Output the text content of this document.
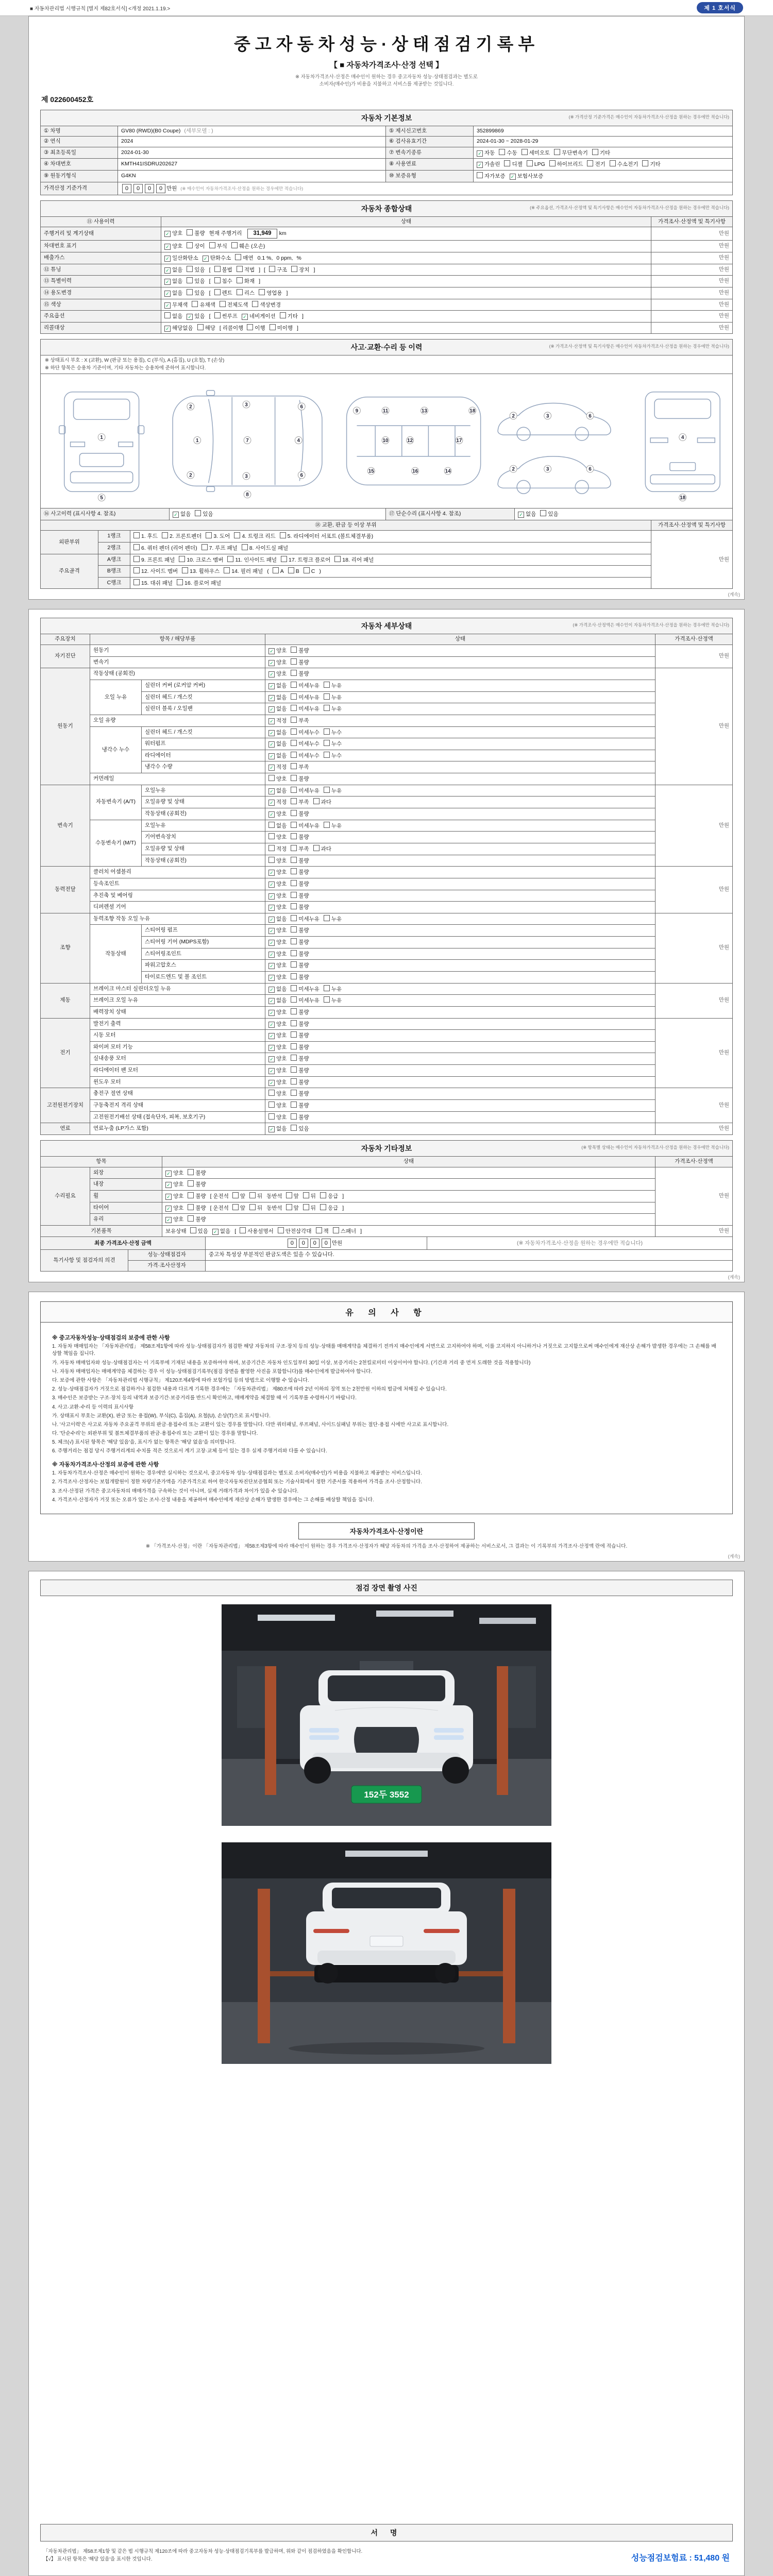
■ 자동차관리법 시행규칙 [별지 제82호서식] <개정 2021.1.19.>	제 1 호서식
중고자동차성능·상태점검기록부
【 ■ 자동차가격조사·산정 선택 】
※ 자동차가격조사·산정은 매수인이 원하는 경우 중고자동차 성능·상태점검과는 별도로
소비자(매수인)가 비용을 지불하고 서비스를 제공받는 것입니다.
제 022600452호
자동차 기본정보	(※ 가격산정 기준가격은 매수인이 자동차가격조사·산정을 원하는 경우에만 적습니다)
① 차명	GV80 (RWD)(B0 Coupe) (세부모델 : )	⑤ 제시신고번호	352899869
② 연식	2024	⑥ 검사유효기간	2024-01-30 ~ 2028-01-29
③ 최초등록일	2024-01-30	⑦ 변속기종류	✓ 자동 수동 세미오토 무단변속기 기타
④ 차대번호	KMTH41ISDRU202627	⑧ 사용연료	✓ 가솔린 디젤 LPG 하이브리드 전기 수소전기 기타
⑨ 원동기형식	G4KN	⑩ 보증유형	자가보증 ✓ 보험사보증
가격산정 기준가격	0 0 0 0 만원 (※ 매수인이 자동차가격조사·산정을 원하는 경우에만 적습니다)		
자동차 종합상태	(※ 주요옵션, 가격조사·산정액 및 특기사항은 매수인이 자동차가격조사·산정을 원하는 경우에만 적습니다)
⑪ 사용이력	상태	가격조사·산정액 및 특기사항
주행거리 및 계기상태	✓ 양호 불량 현재 주행거리 31,949 km	만원
차대번호 표기	✓ 양호 상이 부식 훼손 (오손)	만원
배출가스	✓ 일산화탄소 ✓ 탄화수소 매연 0.1 %, 0 ppm, %	만원
⑫ 튜닝	✓ 없음 있음 [ 불법 적법 ] [ 구조 장치 ]	만원
⑬ 특별이력	✓ 없음 있음 [ 침수 화재 ]	만원
⑭ 용도변경	✓ 없음 있음 [ 렌트 리스 영업용 ]	만원
⑮ 색상	✓ 무채색 유채색 전체도색 색상변경	만원
주요옵션	없음 ✓ 있음 [ 썬루프 ✓ 네비게이션 기타 ]	만원
리콜대상	✓ 해당없음 해당 [ 리콜이행 이행 미이행 ]	만원
사고·교환·수리 등 이력	(※ 가격조사·산정액 및 특기사항은 매수인이 자동차가격조사·산정을 원하는 경우에만 적습니다)
※ 상태표시 부호 : X (교환), W (판금 또는 용접), C (부식), A (흠집), U (요철), T (손상)
※ 하단 항목은 승용차 기준이며, 기타 자동차는 승용차에 준하여 표시합니다.
1
5
2	3	6
1	7	4
2	3	6
8
9	11	13	18
10	12	17
15	16	14
2	3	6
2	3	6
4
18
⑯ 사고이력 (표시사항 4. 참조)	✓ 없음 있음	⑰ 단순수리 (표시사항 4. 참조)	✓ 없음 있음
⑱ 교환, 판금 등 이상 부위			가격조사·산정액 및 특기사항
외판부위	1랭크	1. 후드 2. 프론트펜더 3. 도어 4. 트렁크 리드 5. 라디에이터 서포트 (볼트체결부품)	만원
	2랭크	6. 쿼터 펜더 (리어 펜더) 7. 루프 패널 8. 사이드실 패널	
주요골격	A랭크	9. 프론트 패널 10. 크로스 멤버 11. 인사이드 패널 17. 트렁크 플로어 18. 리어 패널	
	B랭크	12. 사이드 멤버 13. 휠하우스 14. 필러 패널 ( A B C )	
	C랭크	15. 대쉬 패널 16. 플로어 패널	
(계속)
자동차 세부상태	(※ 가격조사·산정액은 매수인이 자동차가격조사·산정을 원하는 경우에만 적습니다)
주요장치	항목 / 해당부품		상태	가격조사·산정액
자기진단	원동기		✓ 양호 불량	만원
	변속기		✓ 양호 불량	
원동기	작동상태 (공회전)		✓ 양호 불량	만원
	오일 누유	실린더 커버 (로커암 커버)	✓ 없음 미세누유 누유	
		실린더 헤드 / 개스킷	✓ 없음 미세누유 누유	
		실린더 블록 / 오일팬	✓ 없음 미세누유 누유	
	오일 유량		✓ 적정 부족	
	냉각수 누수	실린더 헤드 / 개스킷	✓ 없음 미세누수 누수	
		워터펌프	✓ 없음 미세누수 누수	
		라디에이터	✓ 없음 미세누수 누수	
		냉각수 수량	✓ 적정 부족	
	커먼레일		양호 불량	
변속기	자동변속기 (A/T)	오일누유	✓ 없음 미세누유 누유	만원
		오일유량 및 상태	✓ 적정 부족 과다	
		작동상태 (공회전)	✓ 양호 불량	
	수동변속기 (M/T)	오일누유	없음 미세누유 누유	
		기어변속장치	양호 불량	
		오일유량 및 상태	적정 부족 과다	
		작동상태 (공회전)	양호 불량	
동력전달	클러치 어셈블리		✓ 양호 불량	만원
	등속조인트		✓ 양호 불량	
	추진축 및 베어링		✓ 양호 불량	
	디퍼렌셜 기어		✓ 양호 불량	
조향	동력조향 작동 오일 누유		✓ 없음 미세누유 누유	만원
	작동상태	스티어링 펌프	✓ 양호 불량	
		스티어링 기어 (MDPS포함)	✓ 양호 불량	
		스티어링조인트	✓ 양호 불량	
		파워고압호스	✓ 양호 불량	
		타이로드엔드 및 볼 조인트	✓ 양호 불량	
제동	브레이크 마스터 실린더오일 누유		✓ 없음 미세누유 누유	만원
	브레이크 오일 누유		✓ 없음 미세누유 누유	
	배력장치 상태		✓ 양호 불량	
전기	발전기 출력		✓ 양호 불량	만원
	시동 모터		✓ 양호 불량	
	와이퍼 모터 기능		✓ 양호 불량	
	실내송풍 모터		✓ 양호 불량	
	라디에이터 팬 모터		✓ 양호 불량	
	윈도우 모터		✓ 양호 불량	
고전원전기장치	충전구 절연 상태		양호 불량	만원
	구동축전지 격리 상태		양호 불량	
	고전원전기배선 상태 (접속단자, 피복, 보호기구)		양호 불량	
연료	연료누출 (LP가스 포함)		✓ 없음 있음	만원
자동차 기타정보	(※ 항목별 상태는 매수인이 자동차가격조사·산정을 원하는 경우에만 적습니다)
항목		상태	가격조사·산정액
수리필요	외장	✓ 양호 불량	만원
	내장	✓ 양호 불량	
	휠	✓ 양호 불량 [ 운전석 앞 뒤 동반석 앞 뒤 응급 ]	
	타이어	✓ 양호 불량 [ 운전석 앞 뒤 동반석 앞 뒤 응급 ]	
	유리	✓ 양호 불량	
기본품목		보유상태 있음 ✓ 없음 [ 사용설명서 안전삼각대 잭 스패너 ]	만원
최종 가격조사·산정 금액	0 0 0 0 만원	(※ 자동차가격조사·산정을 원하는 경우에만 적습니다)
특기사항 및 점검자의 의견	성능·상태점검자	중고차 특성상 부분적인 판금도색은 있을 수 있습니다.
	가격·조사산정자	
(계속)
유 의 사 항
※ 중고자동차성능·상태점검의 보증에 관한 사항

1. 자동차 매매업자는 「자동차관리법」 제58조제1항에 따라 성능·상태점검자가 점검한 해당 자동차의 구조·장치 등의 성능·상태를 매매계약을 체결하기 전까지 매수인에게 서면으로 고지하여야 하며, 이를 고지하지 아니하거나 거짓으로 고지함으로써 매수인에게 재산상 손해가 발생한 경우에는 그 손해를 배상할 책임을 집니다.

가. 자동차 매매업자와 성능·상태점검자는 이 기록부에 기재된 내용을 보증하여야 하며, 보증기간은 자동차 인도일부터 30일 이상, 보증거리는 2천킬로미터 이상이어야 합니다. (기간과 거리 중 먼저 도래한 것을 적용합니다)

나. 자동차 매매업자는 매매계약을 체결하는 경우 이 성능·상태점검기록부(점검 장면을 촬영한 사진을 포함합니다)를 매수인에게 발급하여야 합니다.

다. 보증에 관한 사항은 「자동차관리법 시행규칙」 제120조제4항에 따라 보험가입 등의 방법으로 이행할 수 있습니다.

2. 성능·상태점검자가 거짓으로 점검하거나 점검한 내용과 다르게 기록한 경우에는 「자동차관리법」 제80조에 따라 2년 이하의 징역 또는 2천만원 이하의 벌금에 처해질 수 있습니다.

3. 매수인은 보증받는 구조·장치 등의 내역과 보증기간·보증거리를 반드시 확인하고, 매매계약을 체결할 때 이 기록부를 수령하시기 바랍니다.

4. 사고·교환·수리 등 이력의 표시사항

가. 상태표시 부호는 교환(X), 판금 또는 용접(W), 부식(C), 흠집(A), 요철(U), 손상(T)으로 표시합니다.

나. '사고이력'은 사고로 자동차 주요골격 부위의 판금·용접수리 또는 교환이 있는 경우를 말합니다. 다만 쿼터패널, 루프패널, 사이드실패널 부위는 절단·용접 시에만 사고로 표시합니다.

다. '단순수리'는 외판부위 및 볼트체결부품의 판금·용접수리 또는 교환이 있는 경우를 말합니다.

5. 체크(√) 표시된 항목은 '해당 있음'을, 표시가 없는 항목은 '해당 없음'을 의미합니다.

6. 주행거리는 점검 당시 주행거리계의 수치를 적은 것으로서 계기 고장·교체 등이 있는 경우 실제 주행거리와 다를 수 있습니다.

※ 자동차가격조사·산정의 보증에 관한 사항

1. 자동차가격조사·산정은 매수인이 원하는 경우에만 실시하는 것으로서, 중고자동차 성능·상태점검과는 별도로 소비자(매수인)가 비용을 지불하고 제공받는 서비스입니다.

2. 가격조사·산정자는 보험개발원이 정한 차량기준가액을 기준가격으로 하여 한국자동차진단보증협회 또는 기술사회에서 정한 기준서를 적용하여 가격을 조사·산정합니다.

3. 조사·산정된 가격은 중고자동차의 매매가격을 구속하는 것이 아니며, 실제 거래가격과 차이가 있을 수 있습니다.

4. 가격조사·산정자가 거짓 또는 오류가 있는 조사·산정 내용을 제공하여 매수인에게 재산상 손해가 발생한 경우에는 그 손해를 배상할 책임을 집니다.

자동차가격조사·산정이란
※ 「가격조사·산정」이란 「자동차관리법」 제58조제3항에 따라 매수인이 원하는 경우 가격조사·산정자가 해당 자동차의 가격을 조사·산정하여 제공하는 서비스로서, 그 결과는 이 기록부의 가격조사·산정액 란에 적습니다.
(계속)
점검 장면 촬영 사진
152두 3552
서 명
「자동차관리법」 제58조제1항 및 같은 법 시행규칙 제120조에 따라 중고자동차 성능·상태점검기록부를 발급하며, 위와 같이 점검하였음을 확인합니다.
【√】 표시된 항목은 '해당 있음'을 표시한 것입니다.	성능점검보험료 : 51,480 원
